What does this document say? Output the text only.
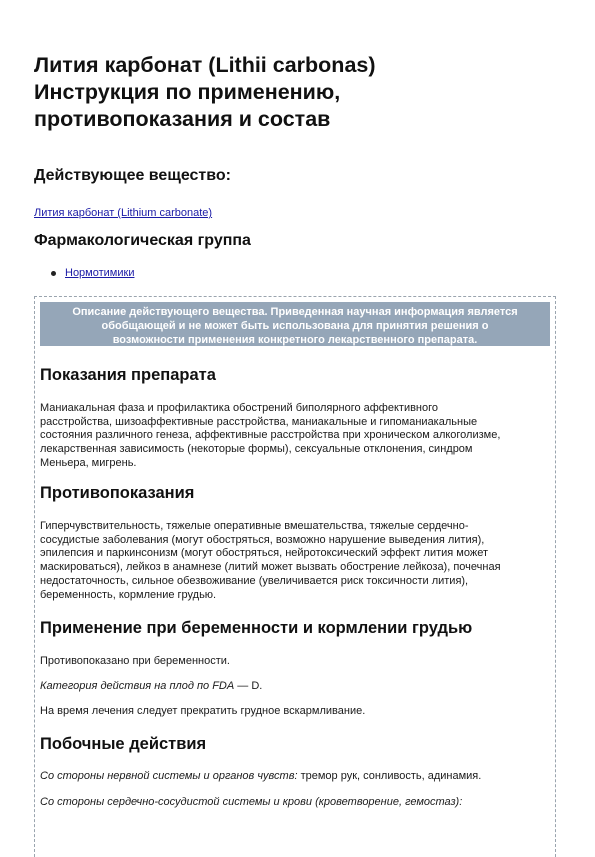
Лития карбонат (Lithii carbonas)
Инструкция по применению,
противопоказания и состав
Действующее вещество:
Лития карбонат (Lithium carbonate)
Фармакологическая группа
Нормотимики
Описание действующего вещества. Приведенная научная информация является
обобщающей и не может быть использована для принятия решения о
возможности применения конкретного лекарственного препарата.
Показания препарата
Маниакальная фаза и профилактика обострений биполярного аффективного
расстройства, шизоаффективные расстройства, маниакальные и гипоманиакальные
состояния различного генеза, аффективные расстройства при хроническом алкоголизме,
лекарственная зависимость (некоторые формы), сексуальные отклонения, синдром
Меньера, мигрень.
Противопоказания
Гиперчувствительность, тяжелые оперативные вмешательства, тяжелые сердечно-
сосудистые заболевания (могут обостряться, возможно нарушение выведения лития),
эпилепсия и паркинсонизм (могут обостряться, нейротоксический эффект лития может
маскироваться), лейкоз в анамнезе (литий может вызвать обострение лейкоза), почечная
недостаточность, сильное обезвоживание (увеличивается риск токсичности лития),
беременность, кормление грудью.
Применение при беременности и кормлении грудью
Противопоказано при беременности.
Категория действия на плод по FDA — D.
На время лечения следует прекратить грудное вскармливание.
Побочные действия
Со стороны нервной системы и органов чувств: тремор рук, сонливость, адинамия.
Со стороны сердечно-сосудистой системы и крови (кроветворение, гемостаз):
